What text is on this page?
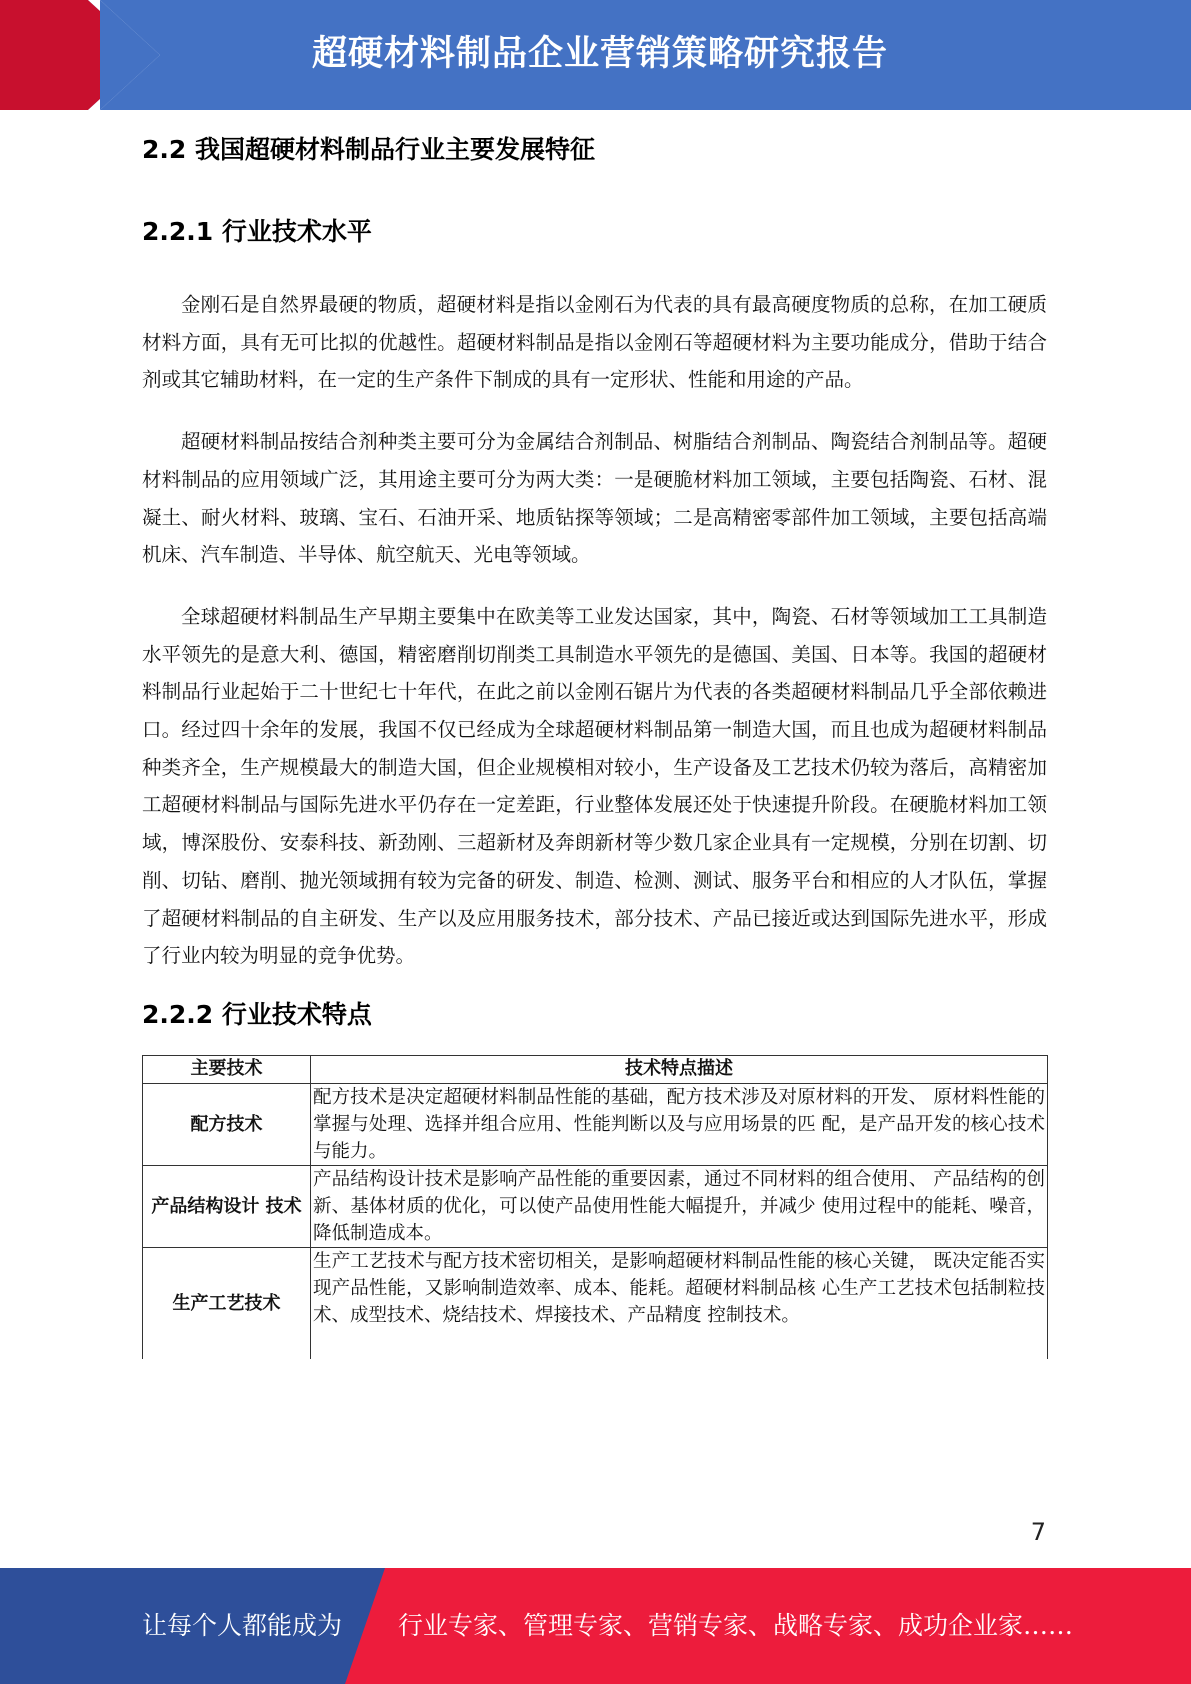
超硬材料制品企业营销策略研究报告
2.2 我国超硬材料制品行业主要发展特征
2.2.1 行业技术水平

金刚石是自然界最硬的物质，超硬材料是指以金刚石为代表的具有最高硬度物质的总称，在加工硬质材料方面，具有无可比拟的优越性。超硬材料制品是指以金刚石等超硬材料为主要功能成分，借助于结合剂或其它辅助材料，在一定的生产条件下制成的具有一定形状、性能和用途的产品。

超硬材料制品按结合剂种类主要可分为金属结合剂制品、树脂结合剂制品、陶瓷结合剂制品等。超硬材料制品的应用领域广泛，其用途主要可分为两大类：一是硬脆材料加工领域，主要包括陶瓷、石材、混凝土、耐火材料、玻璃、宝石、石油开采、地质钻探等领域；二是高精密零部件加工领域，主要包括高端机床、汽车制造、半导体、航空航天、光电等领域。

全球超硬材料制品生产早期主要集中在欧美等工业发达国家，其中，陶瓷、石材等领域加工工具制造水平领先的是意大利、德国，精密磨削切削类工具制造水平领先的是德国、美国、日本等。我国的超硬材料制品行业起始于二十世纪七十年代，在此之前以金刚石锯片为代表的各类超硬材料制品几乎全部依赖进口。经过四十余年的发展，我国不仅已经成为全球超硬材料制品第一制造大国，而且也成为超硬材料制品种类齐全，生产规模最大的制造大国，但企业规模相对较小，生产设备及工艺技术仍较为落后，高精密加工超硬材料制品与国际先进水平仍存在一定差距，行业整体发展还处于快速提升阶段。在硬脆材料加工领域，博深股份、安泰科技、新劲刚、三超新材及奔朗新材等少数几家企业具有一定规模，分别在切割、切削、切钻、磨削、抛光领域拥有较为完备的研发、制造、检测、测试、服务平台和相应的人才队伍，掌握了超硬材料制品的自主研发、生产以及应用服务技术，部分技术、产品已接近或达到国际先进水平，形成了行业内较为明显的竞争优势。

2.2.2 行业技术特点
主要技术	技术特点描述
配方技术	配方技术是决定超硬材料制品性能的基础，配方技术涉及对原材料的开发、 原材料性能的掌握与处理、选择并组合应用、性能判断以及与应用场景的匹 配，是产品开发的核心技术与能力。
产品结构设计 技术	产品结构设计技术是影响产品性能的重要因素，通过不同材料的组合使用、 产品结构的创新、基体材质的优化，可以使产品使用性能大幅提升，并减少 使用过程中的能耗、噪音，降低制造成本。
生产工艺技术	生产工艺技术与配方技术密切相关，是影响超硬材料制品性能的核心关键， 既决定能否实现产品性能，又影响制造效率、成本、能耗。超硬材料制品核 心生产工艺技术包括制粒技术、成型技术、烧结技术、焊接技术、产品精度 控制技术。
7
让每个人都能成为 行业专家、管理专家、营销专家、战略专家、成功企业家……
